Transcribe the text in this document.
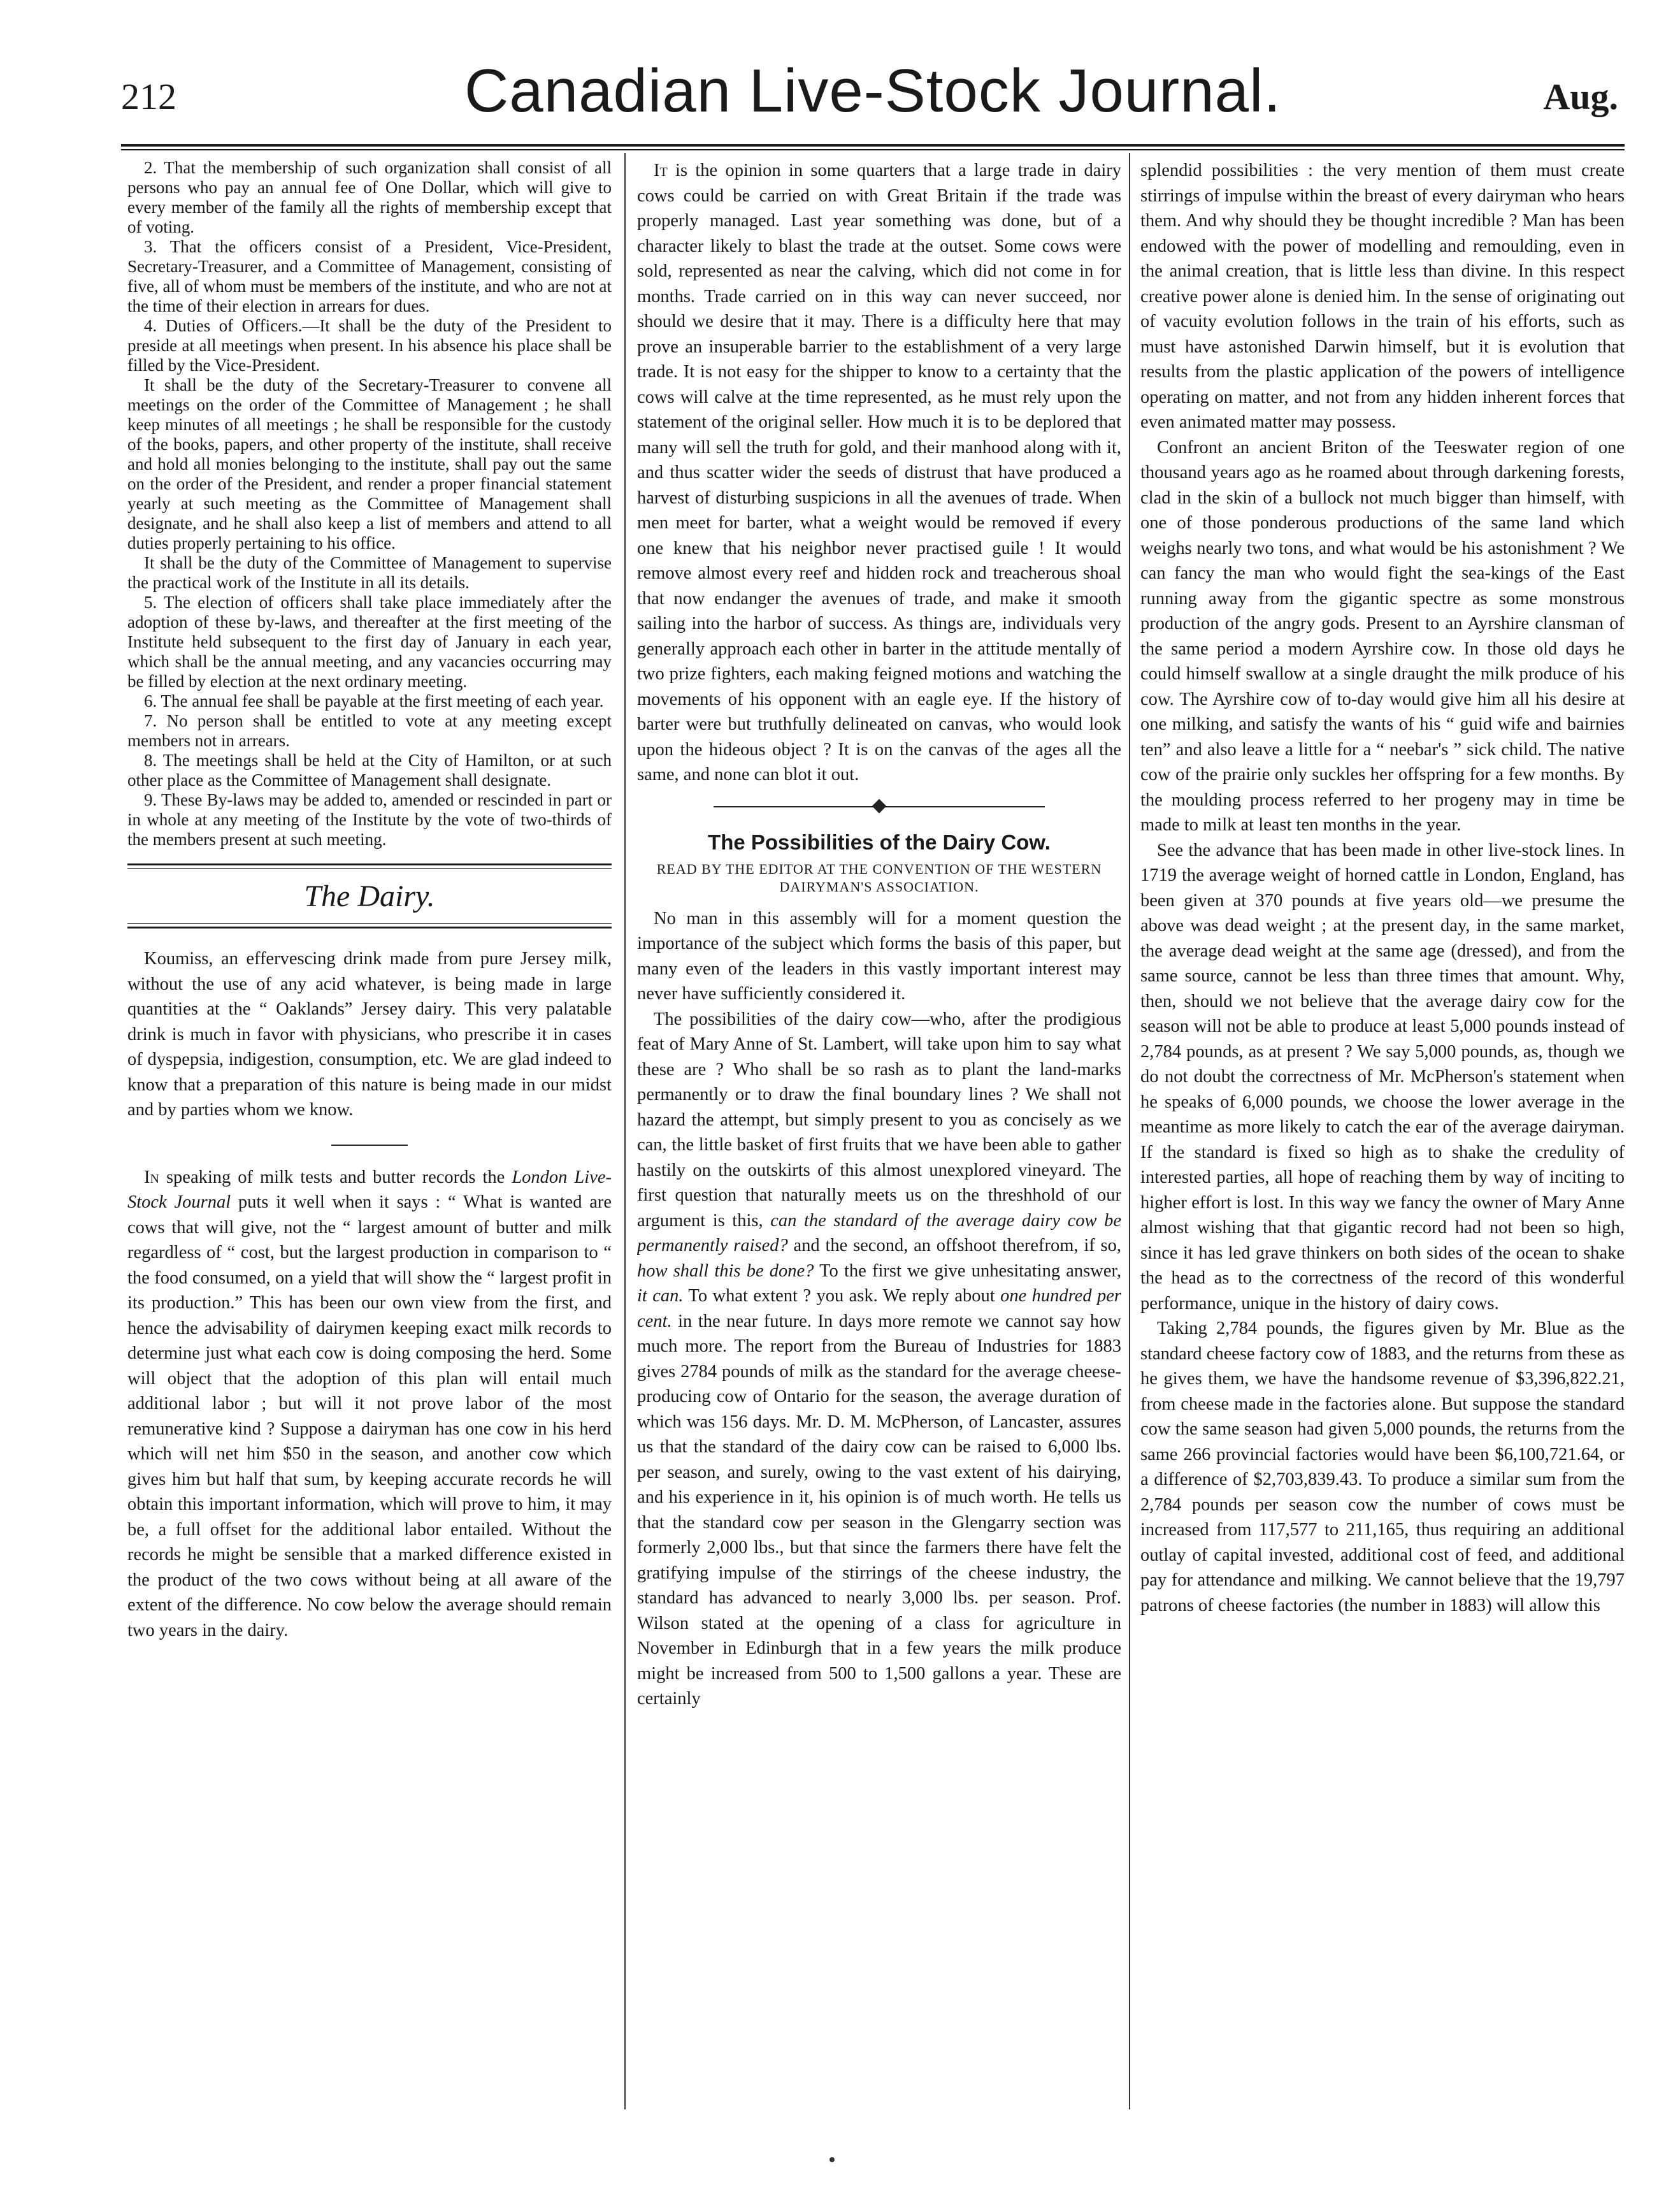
212	Canadian Live-Stock Journal.	Aug.

2. That the membership of such organization shall consist of all persons who pay an annual fee of One Dollar, which will give to every member of the family all the rights of membership except that of voting.

3. That the officers consist of a President, Vice-President, Secretary-Treasurer, and a Committee of Management, consisting of five, all of whom must be members of the institute, and who are not at the time of their election in arrears for dues.

4. Duties of Officers.—It shall be the duty of the President to preside at all meetings when present. In his absence his place shall be filled by the Vice-President.

It shall be the duty of the Secretary-Treasurer to convene all meetings on the order of the Committee of Management ; he shall keep minutes of all meetings ; he shall be responsible for the custody of the books, papers, and other property of the institute, shall receive and hold all monies belonging to the institute, shall pay out the same on the order of the President, and render a proper financial statement yearly at such meeting as the Committee of Management shall designate, and he shall also keep a list of members and attend to all duties properly pertaining to his office.

It shall be the duty of the Committee of Management to supervise the practical work of the Institute in all its details.

5. The election of officers shall take place immediately after the adoption of these by-laws, and thereafter at the first meeting of the Institute held subsequent to the first day of January in each year, which shall be the annual meeting, and any vacancies occurring may be filled by election at the next ordinary meeting.

6. The annual fee shall be payable at the first meeting of each year.

7. No person shall be entitled to vote at any meeting except members not in arrears.

8. The meetings shall be held at the City of Hamilton, or at such other place as the Committee of Management shall designate.

9. These By-laws may be added to, amended or rescinded in part or in whole at any meeting of the Institute by the vote of two-thirds of the members present at such meeting.

The Dairy.

Koumiss, an effervescing drink made from pure Jersey milk, without the use of any acid whatever, is being made in large quantities at the “ Oaklands” Jersey dairy. This very palatable drink is much in favor with physicians, who prescribe it in cases of dyspepsia, indigestion, consumption, etc. We are glad indeed to know that a preparation of this nature is being made in our midst and by parties whom we know.

In speaking of milk tests and butter records the London Live-Stock Journal puts it well when it says : “ What is wanted are cows that will give, not the “ largest amount of butter and milk regardless of “ cost, but the largest production in comparison to “ the food consumed, on a yield that will show the “ largest profit in its production.” This has been our own view from the first, and hence the advisability of dairymen keeping exact milk records to determine just what each cow is doing composing the herd. Some will object that the adoption of this plan will entail much additional labor ; but will it not prove labor of the most remunerative kind ? Suppose a dairyman has one cow in his herd which will net him $50 in the season, and another cow which gives him but half that sum, by keeping accurate records he will obtain this important information, which will prove to him, it may be, a full offset for the additional labor entailed. Without the records he might be sensible that a marked difference existed in the product of the two cows without being at all aware of the extent of the difference. No cow below the average should remain two years in the dairy.

It is the opinion in some quarters that a large trade in dairy cows could be carried on with Great Britain if the trade was properly managed. Last year something was done, but of a character likely to blast the trade at the outset. Some cows were sold, represented as near the calving, which did not come in for months. Trade carried on in this way can never succeed, nor should we desire that it may. There is a difficulty here that may prove an insuperable barrier to the establishment of a very large trade. It is not easy for the shipper to know to a certainty that the cows will calve at the time represented, as he must rely upon the statement of the original seller. How much it is to be deplored that many will sell the truth for gold, and their manhood along with it, and thus scatter wider the seeds of distrust that have produced a harvest of disturbing suspicions in all the avenues of trade. When men meet for barter, what a weight would be removed if every one knew that his neighbor never practised guile ! It would remove almost every reef and hidden rock and treacherous shoal that now endanger the avenues of trade, and make it smooth sailing into the harbor of success. As things are, individuals very generally approach each other in barter in the attitude mentally of two prize fighters, each making feigned motions and watching the movements of his opponent with an eagle eye. If the history of barter were but truthfully delineated on canvas, who would look upon the hideous object ? It is on the canvas of the ages all the same, and none can blot it out.

The Possibilities of the Dairy Cow.

READ BY THE EDITOR AT THE CONVENTION OF THE WESTERN DAIRYMAN'S ASSOCIATION.

No man in this assembly will for a moment question the importance of the subject which forms the basis of this paper, but many even of the leaders in this vastly important interest may never have sufficiently considered it.

The possibilities of the dairy cow—who, after the prodigious feat of Mary Anne of St. Lambert, will take upon him to say what these are ? Who shall be so rash as to plant the land-marks permanently or to draw the final boundary lines ? We shall not hazard the attempt, but simply present to you as concisely as we can, the little basket of first fruits that we have been able to gather hastily on the outskirts of this almost unexplored vineyard. The first question that naturally meets us on the threshhold of our argument is this, can the standard of the average dairy cow be permanently raised? and the second, an offshoot therefrom, if so, how shall this be done? To the first we give unhesitating answer, it can. To what extent ? you ask. We reply about one hundred per cent. in the near future. In days more remote we cannot say how much more. The report from the Bureau of Industries for 1883 gives 2784 pounds of milk as the standard for the average cheese-producing cow of Ontario for the season, the average duration of which was 156 days. Mr. D. M. McPherson, of Lancaster, assures us that the standard of the dairy cow can be raised to 6,000 lbs. per season, and surely, owing to the vast extent of his dairying, and his experience in it, his opinion is of much worth. He tells us that the standard cow per season in the Glengarry section was formerly 2,000 lbs., but that since the farmers there have felt the gratifying impulse of the stirrings of the cheese industry, the standard has advanced to nearly 3,000 lbs. per season. Prof. Wilson stated at the opening of a class for agriculture in November in Edinburgh that in a few years the milk produce might be increased from 500 to 1,500 gallons a year. These are certainly

splendid possibilities : the very mention of them must create stirrings of impulse within the breast of every dairyman who hears them. And why should they be thought incredible ? Man has been endowed with the power of modelling and remoulding, even in the animal creation, that is little less than divine. In this respect creative power alone is denied him. In the sense of originating out of vacuity evolution follows in the train of his efforts, such as must have astonished Darwin himself, but it is evolution that results from the plastic application of the powers of intelligence operating on matter, and not from any hidden inherent forces that even animated matter may possess.

Confront an ancient Briton of the Teeswater region of one thousand years ago as he roamed about through darkening forests, clad in the skin of a bullock not much bigger than himself, with one of those ponderous productions of the same land which weighs nearly two tons, and what would be his astonishment ? We can fancy the man who would fight the sea-kings of the East running away from the gigantic spectre as some monstrous production of the angry gods. Present to an Ayrshire clansman of the same period a modern Ayrshire cow. In those old days he could himself swallow at a single draught the milk produce of his cow. The Ayrshire cow of to-day would give him all his desire at one milking, and satisfy the wants of his “ guid wife and bairnies ten” and also leave a little for a “ neebar's ” sick child. The native cow of the prairie only suckles her offspring for a few months. By the moulding process referred to her progeny may in time be made to milk at least ten months in the year.

See the advance that has been made in other live-stock lines. In 1719 the average weight of horned cattle in London, England, has been given at 370 pounds at five years old—we presume the above was dead weight ; at the present day, in the same market, the average dead weight at the same age (dressed), and from the same source, cannot be less than three times that amount. Why, then, should we not believe that the average dairy cow for the season will not be able to produce at least 5,000 pounds instead of 2,784 pounds, as at present ? We say 5,000 pounds, as, though we do not doubt the correctness of Mr. McPherson's statement when he speaks of 6,000 pounds, we choose the lower average in the meantime as more likely to catch the ear of the average dairyman. If the standard is fixed so high as to shake the credulity of interested parties, all hope of reaching them by way of inciting to higher effort is lost. In this way we fancy the owner of Mary Anne almost wishing that that gigantic record had not been so high, since it has led grave thinkers on both sides of the ocean to shake the head as to the correctness of the record of this wonderful performance, unique in the history of dairy cows.

Taking 2,784 pounds, the figures given by Mr. Blue as the standard cheese factory cow of 1883, and the returns from these as he gives them, we have the handsome revenue of $3,396,822.21, from cheese made in the factories alone. But suppose the standard cow the same season had given 5,000 pounds, the returns from the same 266 provincial factories would have been $6,100,721.64, or a difference of $2,703,839.43. To produce a similar sum from the 2,784 pounds per season cow the number of cows must be increased from 117,577 to 211,165, thus requiring an additional outlay of capital invested, additional cost of feed, and additional pay for attendance and milking. We cannot believe that the 19,797 patrons of cheese factories (the number in 1883) will allow this
